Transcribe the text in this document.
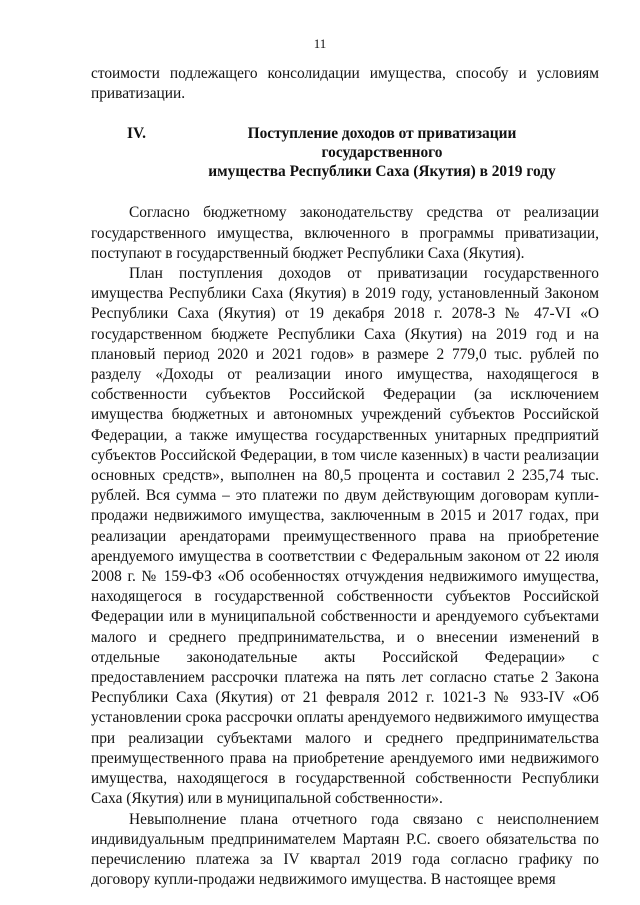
11

стоимости подлежащего консолидации имущества, способу и условиям приватизации.

IV.	Поступление доходов от приватизации государственного
имущества Республики Саха (Якутия) в 2019 году

Согласно бюджетному законодательству средства от реализации государственного имущества, включенного в программы приватизации, поступают в государственный бюджет Республики Саха (Якутия).

План поступления доходов от приватизации государственного имущества Республики Саха (Якутия) в 2019 году, установленный Законом Республики Саха (Якутия) от 19 декабря 2018 г. 2078-З № 47-VI «О государственном бюджете Республики Саха (Якутия) на 2019 год и на плановый период 2020 и 2021 годов» в размере 2 779,0 тыс. рублей по разделу «Доходы от реализации иного имущества, находящегося в собственности субъектов Российской Федерации (за исключением имущества бюджетных и автономных учреждений субъектов Российской Федерации, а также имущества государственных унитарных предприятий субъектов Российской Федерации, в том числе казенных) в части реализации основных средств», выполнен на 80,5 процента и составил 2 235,74 тыс. рублей. Вся сумма – это платежи по двум действующим договорам купли-продажи недвижимого имущества, заключенным в 2015 и 2017 годах, при реализации арендаторами преимущественного права на приобретение арендуемого имущества в соответствии с Федеральным законом от 22 июля 2008 г. № 159-ФЗ «Об особенностях отчуждения недвижимого имущества, находящегося в государственной собственности субъектов Российской Федерации или в муниципальной собственности и арендуемого субъектами малого и среднего предпринимательства, и о внесении изменений в отдельные законодательные акты Российской Федерации» с предоставлением рассрочки платежа на пять лет согласно статье 2 Закона Республики Саха (Якутия) от 21 февраля 2012 г. 1021-З № 933-IV «Об установлении срока рассрочки оплаты арендуемого недвижимого имущества при реализации субъектами малого и среднего предпринимательства преимущественного права на приобретение арендуемого ими недвижимого имущества, находящегося в государственной собственности Республики Саха (Якутия) или в муниципальной собственности».

Невыполнение плана отчетного года связано с неисполнением индивидуальным предпринимателем Мартаян Р.С. своего обязательства по перечислению платежа за IV квартал 2019 года согласно графику по договору купли-продажи недвижимого имущества. В настоящее время
